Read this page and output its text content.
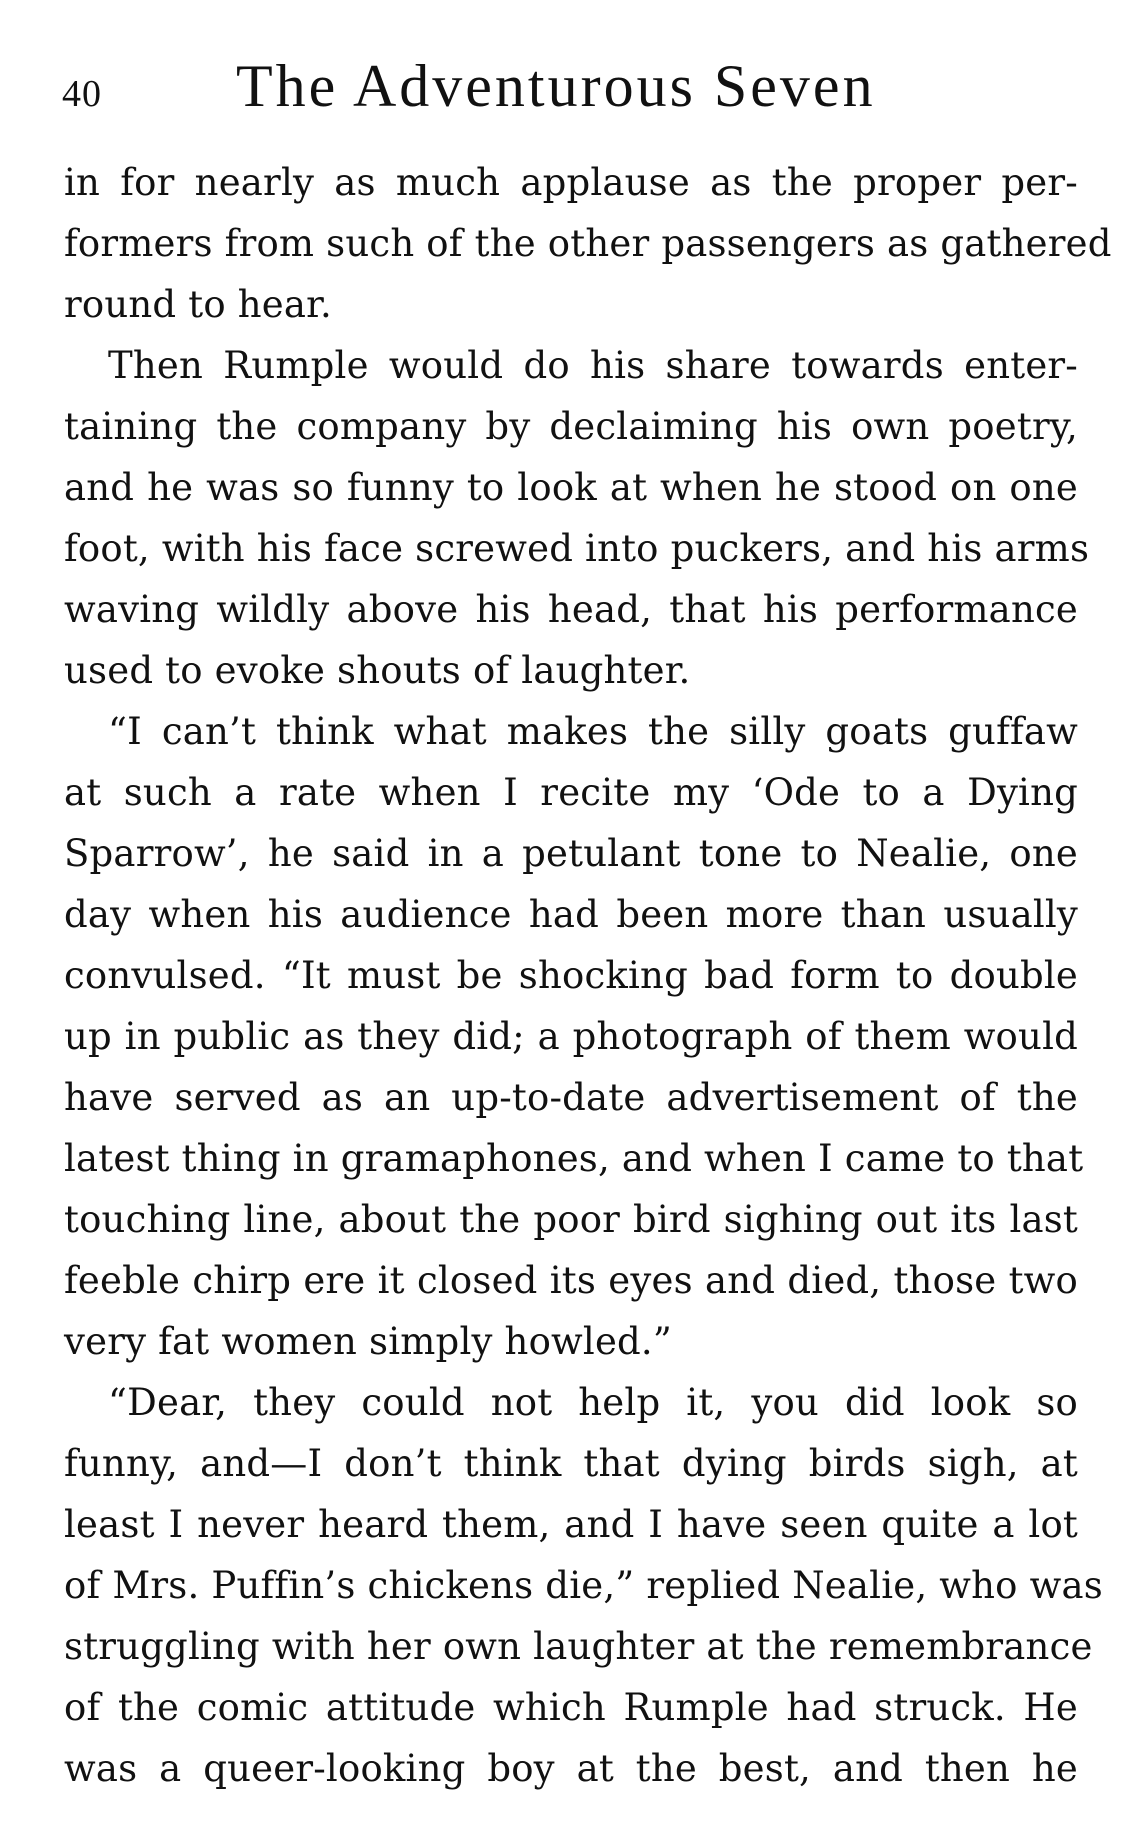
40 The Adventurous Seven
in for nearly as much applause as the proper per-
formers from such of the other passengers as gathered
round to hear.
Then Rumple would do his share towards enter-
taining the company by declaiming his own poetry,
and he was so funny to look at when he stood on one
foot, with his face screwed into puckers, and his arms
waving wildly above his head, that his performance
used to evoke shouts of laughter.
“I can’t think what makes the silly goats guffaw
at such a rate when I recite my ‘Ode to a Dying
Sparrow’, he said in a petulant tone to Nealie, one
day when his audience had been more than usually
convulsed. “It must be shocking bad form to double
up in public as they did; a photograph of them would
have served as an up-to-date advertisement of the
latest thing in gramaphones, and when I came to that
touching line, about the poor bird sighing out its last
feeble chirp ere it closed its eyes and died, those two
very fat women simply howled.”
“Dear, they could not help it, you did look so
funny, and—I don’t think that dying birds sigh, at
least I never heard them, and I have seen quite a lot
of Mrs. Puffin’s chickens die,” replied Nealie, who was
struggling with her own laughter at the remembrance
of the comic attitude which Rumple had struck. He
was a queer-looking boy at the best, and then he
